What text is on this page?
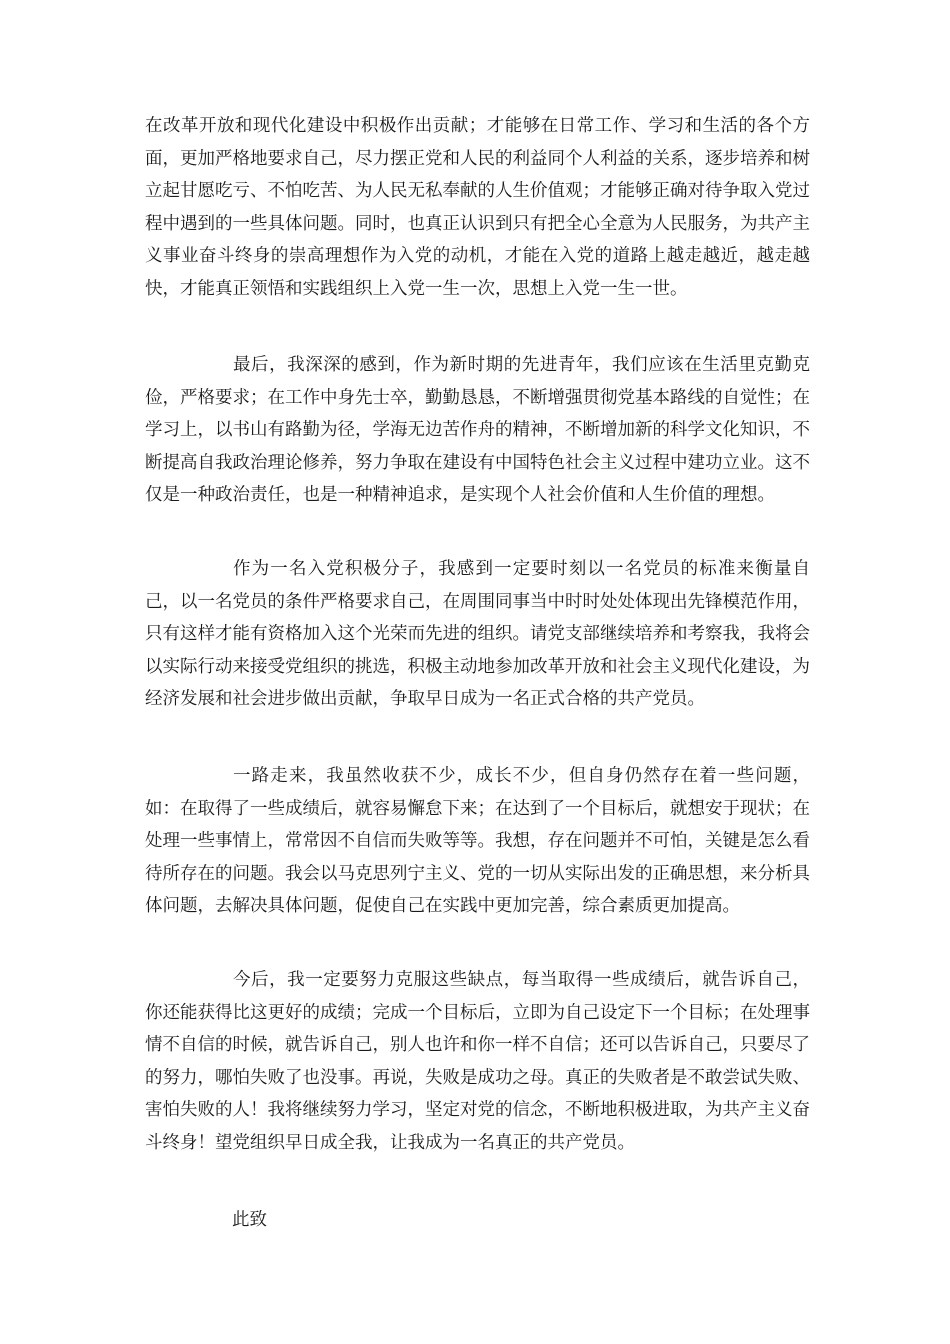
在改革开放和现代化建设中积极作出贡献；才能够在日常工作、学习和生活的各个方面，更加严格地要求自己，尽力摆正党和人民的利益同个人利益的关系，逐步培养和树立起甘愿吃亏、不怕吃苦、为人民无私奉献的人生价值观；才能够正确对待争取入党过程中遇到的一些具体问题。同时，也真正认识到只有把全心全意为人民服务，为共产主义事业奋斗终身的崇高理想作为入党的动机，才能在入党的道路上越走越近，越走越快，才能真正领悟和实践组织上入党一生一次，思想上入党一生一世。

最后，我深深的感到，作为新时期的先进青年，我们应该在生活里克勤克俭，严格要求；在工作中身先士卒，勤勤恳恳，不断增强贯彻党基本路线的自觉性；在学习上，以书山有路勤为径，学海无边苦作舟的精神，不断增加新的科学文化知识，不断提高自我政治理论修养，努力争取在建设有中国特色社会主义过程中建功立业。这不仅是一种政治责任，也是一种精神追求，是实现个人社会价值和人生价值的理想。

作为一名入党积极分子，我感到一定要时刻以一名党员的标准来衡量自己，以一名党员的条件严格要求自己，在周围同事当中时时处处体现出先锋模范作用，只有这样才能有资格加入这个光荣而先进的组织。请党支部继续培养和考察我，我将会以实际行动来接受党组织的挑选，积极主动地参加改革开放和社会主义现代化建设，为经济发展和社会进步做出贡献，争取早日成为一名正式合格的共产党员。

一路走来，我虽然收获不少，成长不少，但自身仍然存在着一些问题，如：在取得了一些成绩后，就容易懈怠下来；在达到了一个目标后，就想安于现状；在处理一些事情上，常常因不自信而失败等等。我想，存在问题并不可怕，关键是怎么看待所存在的问题。我会以马克思列宁主义、党的一切从实际出发的正确思想，来分析具体问题，去解决具体问题，促使自己在实践中更加完善，综合素质更加提高。

今后，我一定要努力克服这些缺点，每当取得一些成绩后，就告诉自己，你还能获得比这更好的成绩；完成一个目标后，立即为自己设定下一个目标；在处理事情不自信的时候，就告诉自己，别人也许和你一样不自信；还可以告诉自己，只要尽了的努力，哪怕失败了也没事。再说，失败是成功之母。真正的失败者是不敢尝试失败、害怕失败的人！我将继续努力学习，坚定对党的信念，不断地积极进取，为共产主义奋斗终身！望党组织早日成全我，让我成为一名真正的共产党员。

此致
